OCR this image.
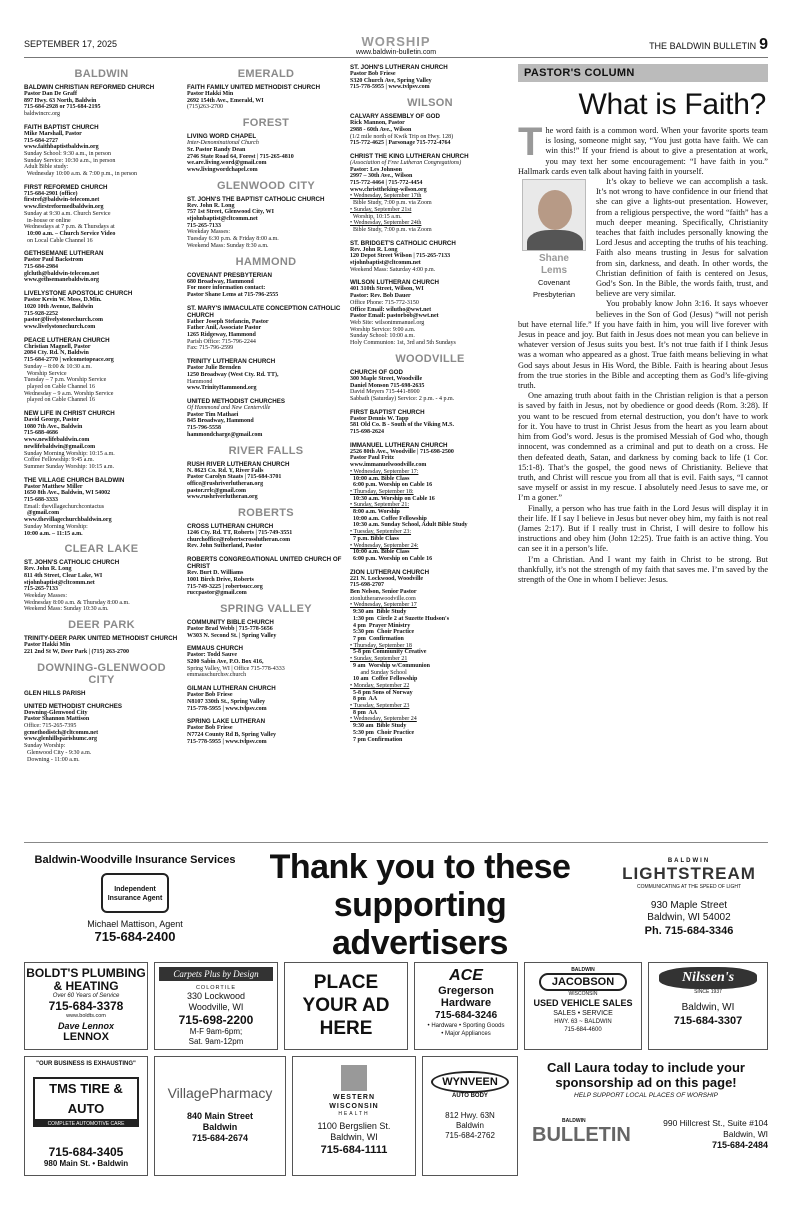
SEPTEMBER 17, 2025	WORSHIP
www.baldwin-bulletin.com
THE BALDWIN BULLETIN 9
BALDWIN
BALDWIN CHRISTIAN REFORMED CHURCH
Pastor Dan De Graff
897 Hwy. 63 North, Baldwin
715-684-2928 or 715-684-2195
baldwincrc.org
FAITH BAPTIST CHURCH
Mike Marshall, Pastor
715-684-2727
www.faithbaptistbaldwin.org
Sunday School: 9:30 a.m., in person
Sunday Service: 10:30 a.m., in person
Adult Bible study:
Wednesday 10:00 a.m. & 7:00 p.m., in person
FIRST REFORMED CHURCH
715-684-2901 (office)
firstref@baldwin-telecom.net
www.firstreformedbaldwin.org
Sunday at 9:30 a.m. Church Service
in-house or online
Wednesdays at 7 p.m. & Thursdays at
10:00 a.m. – Church Service Video
on Local Cable Channel 16
GETHSEMANE LUTHERAN
Pastor Paul Backstrom
715-684-2984
glcluth@baldwin-telecom.net
www.gethsemanebaldwin.org
LIVELYSTONE APOSTOLIC CHURCH
Pastor Kevin W. Moss, D.Min.
1020 10th Avenue, Baldwin
715-928-2252
pastor@livelystonechurch.com
www.livelystonechurch.com
PEACE LUTHERAN CHURCH
Christian Magnell, Pastor
2084 Cty. Rd. N, Baldwin
715-684-2770 | welcometopeace.org
Sunday – 8:00 & 10:30 a.m.
Worship Service
Tuesday – 7 p.m. Worship Service
played on Cable Channel 16
Wednesday – 9 a.m. Worship Service
played on Cable Channel 16
NEW LIFE IN CHRIST CHURCH
David George, Pastor
1080 7th Ave., Baldwin
715-688-4686
www.newlifebaldwin.com
newlifebaldwin@gmail.com
Sunday Morning Worship: 10:15 a.m.
Coffee Fellowship: 9:45 a.m.
Summer Sunday Worship: 10:15 a.m.
THE VILLAGE CHURCH BALDWIN
Pastor Matthew Miller
1650 8th Ave., Baldwin, WI 54002
715-688-3333
Email: thevillagechurchcontactus
@gmail.com
www.thevillagechurchbaldwin.org
Sunday Morning Worship:
10:00 a.m. – 11:15 a.m.
CLEAR LAKE
ST. JOHN'S CATHOLIC CHURCH
Rev. John R. Long
811 4th Street, Clear Lake, WI
stjohnbaptist@cltcomm.net
715-265-7133
Weekday Masses:
Wednesday 8:00 a.m. & Thursday 8:00 a.m.
Weekend Mass: Sunday 10:30 a.m.
DEER PARK
TRINITY-DEER PARK UNITED METHODIST CHURCH
Pastor Hakki Min
221 2nd St W, Deer Park | (715) 263-2700
DOWNING-GLENWOOD CITY
GLEN HILLS PARISH
UNITED METHODIST CHURCHES
Downing-Glenwood City
Pastor Shannon Mattison
Office: 715-265-7395
gcmethodistch@cltcomm.net
www.glenhillsparishumc.org
Sunday Worship:
Glenwood City - 9:30 a.m.
Downing - 11:00 a.m.
EMERALD
FAITH FAMILY UNITED METHODIST CHURCH
Pastor Hakki Min
2692 154th Ave., Emerald, WI
(715)263-2700
FOREST
LIVING WORD CHAPEL
Inter-Denominational Church
Sr. Pastor Randy Dean
2746 State Road 64, Forest | 715-265-4810
we.are.living.word@gmail.com
www.livingwordchapel.com
GLENWOOD CITY
ST. JOHN'S THE BAPTIST CATHOLIC CHURCH
Rev. John R. Long
757 1st Street, Glenwood City, WI
stjohnbaptist@cltcomm.net
715-265-7133
Weekday Masses:
Tuesday 6:30 p.m. & Friday 8:00 a.m.
Weekend Mass: Sunday 8:30 a.m.
HAMMOND
COVENANT PRESBYTERIAN
680 Broadway, Hammond
For more information contact:
Pastor Shane Lems at 715-796-2555
ST. MARY'S IMMACULATE CONCEPTION CATHOLIC CHURCH
Father Joseph Stefancin, Pastor
Father Anil, Associate Pastor
1265 Ridgeway, Hammond
Parish Office: 715-796-2244
Fax: 715-796-2599
TRINITY LUTHERAN CHURCH
Pastor Julie Brenden
1250 Broadway (West Cty. Rd. TT),
Hammond
www.TrinityHammond.org
UNITED METHODIST CHURCHES
Of Hammond and New Centerville
Pastor Tim Mathaei
845 Broadway, Hammond
715-796-5558
hammondcharge@gmail.com
RIVER FALLS
RUSH RIVER LUTHERAN CHURCH
N. 8623 Co. Rd. Y, River Falls
Pastor Carolyn Staats | 715-684-3701
office@rushriverlutheran.org
pastor.rrlc@gmail.com
www.rushriverlutheran.org
ROBERTS
CROSS LUTHERAN CHURCH
1246 Cty. Rd. TT, Roberts | 715-749-3551
churchoffice@robertscrosslutheran.com
Rev. John Sutherland, Pastor
ROBERTS CONGREGATIONAL UNITED CHURCH OF CHRIST
Rev. Burt D. Williams
1001 Birch Drive, Roberts
715-749-3225 | robertsucc.org
ruccpastor@gmail.com
SPRING VALLEY
COMMUNITY BIBLE CHURCH
Pastor Brad Webb | 715-778-5656
W303 N. Second St. | Spring Valley
EMMAUS CHURCH
Pastor: Todd Sauve
S200 Sabin Ave, P.O. Box 416,
Spring Valley, WI | Office 715-778-4333
emmauschurchsv.church
GILMAN LUTHERAN CHURCH
Pastor Bob Friese
N8107 330th St., Spring Valley
715-778-5955 | www.tvlpsv.com
SPRING LAKE LUTHERAN
Pastor Bob Friese
N7724 County Rd B, Spring Valley
715-778-5955 | www.tvlpsv.com
ST. JOHN'S LUTHERAN CHURCH
Pastor Bob Friese
S320 Church Ave, Spring Valley
715-778-5955 | www.tvlpsv.com
WILSON
CALVARY ASSEMBLY OF GOD
Rick Mannon, Pastor
2988 - 60th Ave., Wilson
(1/2 mile north of Kwik Trip on Hwy. 128)
715-772-4625 | Parsonage 715-772-4764
CHRIST THE KING LUTHERAN CHURCH
(Association of Free Lutheran Congregations)
Pastor: Les Johnson
2997 – 30th Ave., Wilson
715-772-4464 | 715-772-4454
www.christtheking-wilson.org
• Wednesday, September 17th
Bible Study, 7:00 p.m. via Zoom
• Sunday, September 21st
Worship, 10:15 a.m.
• Wednesday, September 24th
Bible Study, 7:00 p.m. via Zoom
ST. BRIDGET'S CATHOLIC CHURCH
Rev. John R. Long
120 Depot Street Wilson | 715-265-7133
stjohnbaptist@cltcomm.net
Weekend Mass: Saturday 4:00 p.m.
WILSON LUTHERAN CHURCH
401 310th Street, Wilson, WI
Pastor: Rev. Bob Dauer
Office Phone: 715-772-3150
Office Email: wilutho@wwt.net
Pastor Email: pastorbob@wwt.net
Web Site: wilsonimmanuel.org
Worship Service: 9:00 a.m.
Sunday School: 10:00 a.m.
Holy Communion: 1st, 3rd and 5th Sundays
WOODVILLE
CHURCH OF GOD
300 Maple Street, Woodville
Daniel Monson 715-698-2635
David Meyers 715-441-8900
Sabbath (Saturday) Service: 2 p.m. - 4 p.m.
FIRST BAPTIST CHURCH
Pastor Dennis W. Tapp
581 Old Co. B - South of the Viking M.S.
715-698-2624
IMMANUEL LUTHERAN CHURCH
2526 80th Ave., Woodville | 715-698-2500
Pastor Paul Fritz
www.immanuelwoodville.com
• Wednesday, September 17:
10:00 a.m. Bible Class
6:00 p.m. Worship on Cable 16
• Thursday, September 18:
10:30 a.m. Worship on Cable 16
• Sunday, September 21:
8:00 a.m. Worship
10:00 a.m. Coffee Fellowship
10:30 a.m. Sunday School, Adult Bible Study
• Tuesday, September 23:
7 p.m. Bible Class
• Wednesday, September 24:
10:00 a.m. Bible Class
6:00 p.m. Worship on Cable 16
ZION LUTHERAN CHURCH
221 N. Lockwood, Woodville
715-698-2707
Ben Nelson, Senior Pastor
zionlutheranwoodville.com
• Wednesday, September 17
9:30 am  Bible Study
1:30 pm  Circle 2 at Suzette Hudson's
4 pm  Prayer Ministry
5:30 pm  Choir Practice
7 pm  Confirmation
• Thursday, September 18
5-8 pm Community Creative
• Sunday, September 21
9 am  Worship w/Communion
and Sunday School
10 am  Coffee Fellowship
• Monday, September 22
5-8 pm Sons of Norway
8 pm  AA
• Tuesday, September 23
8 pm  AA
• Wednesday, September 24
9:30 am  Bible Study
5:30 pm  Choir Practice
7 pm Confirmation
PASTOR'S COLUMN
What is Faith?
T he word faith is a common word. When your favorite sports team is losing, someone might say, “You just gotta have faith. We can win this!” If your friend is about to give a presentation at work, you may text her some encouragement: “I have faith in you.” Hallmark cards even talk about having faith in yourself.

Shane
Lems
Covenant
Presbyterian

It’s okay to believe we can accomplish a task. It’s not wrong to have confidence in our friend that she can give a lights-out presentation. However, from a religious perspective, the word “faith” has a much deeper meaning. Specifically, Christianity teaches that faith includes personally knowing the Lord Jesus and accepting the truths of his teaching. Faith also means trusting in Jesus for salvation from sin, darkness, and death. In other words, the Christian definition of faith is centered on Jesus, God’s Son. In the Bible, the words faith, trust, and believe are very similar.

You probably know John 3:16. It says whoever believes in the Son of God (Jesus) “will not perish but have eternal life.” If you have faith in him, you will live forever with Jesus in peace and joy. But faith in Jesus does not mean you can believe in whatever version of Jesus suits you best. It’s not true faith if I think Jesus was a woman who appeared as a ghost. True faith means believing in what God says about Jesus in His Word, the Bible. Faith is hearing about Jesus from the true stories in the Bible and accepting them as God’s life-giving truth.

One amazing truth about faith in the Christian religion is that a person is saved by faith in Jesus, not by obedience or good deeds (Rom. 3:28). If you want to be rescued from eternal destruction, you don’t have to work for it. You have to trust in Christ Jesus from the heart as you learn about him from God’s word. Jesus is the promised Messiah of God who, though innocent, was condemned as a criminal and put to death on a cross. He then defeated death, Satan, and darkness by coming back to life (1 Cor. 15:1-8). That’s the gospel, the good news of Christianity. Believe that truth, and Christ will rescue you from all that is evil. Faith says, “I cannot save myself or assist in my rescue. I absolutely need Jesus to save me, or I’m a goner.”

Finally, a person who has true faith in the Lord Jesus will display it in their life. If I say I believe in Jesus but never obey him, my faith is not real (James 2:17). But if I really trust in Christ, I will desire to follow his instructions and obey him (John 12:25). True faith is an active thing. You can see it in a person’s life.

I’m a Christian. And I want my faith in Christ to be strong. But thankfully, it’s not the strength of my faith that saves me. I’m saved by the strength of the One in whom I believe: Jesus.

Baldwin-Woodville Insurance Services
Independent Insurance Agent
Michael Mattison, Agent
715-684-2400
Thank you to these supporting advertisers
BALDWIN
LIGHTSTREAM
COMMUNICATING AT THE SPEED OF LIGHT
930 Maple Street
Baldwin, WI 54002
Ph. 715-684-3346
BOLDT'S PLUMBING & HEATING
Over 60 Years of Service
715-684-3378
www.boldts.com
Dave Lennox
LENNOX
Carpets Plus by Design
COLORTILE
330 Lockwood
Woodville, WI
715-698-2200
M-F 9am-6pm;
Sat. 9am-12pm
PLACE YOUR AD HERE
ACE
Gregerson
Hardware
715-684-3246
• Hardware • Sporting Goods
• Major Appliances
BALDWIN
JACOBSON
WISCONSIN
USED VEHICLE SALES
SALES • SERVICE
HWY. 63 ~ BALDWIN
715-684-4600
Nilssen's
SINCE 1937
Baldwin, WI
715-684-3307
"OUR BUSINESS IS EXHAUSTING"
TMS TIRE & AUTO
COMPLETE AUTOMOTIVE CARE
715-684-3405
980 Main St. • Baldwin
VillagePharmacy
840 Main Street
Baldwin
715-684-2674
WESTERN
WISCONSIN
HEALTH
1100 Bergslien St.
Baldwin, WI
715-684-1111
WYNVEEN
AUTO BODY
812 Hwy. 63N
Baldwin
715-684-2762
Call Laura today to include your sponsorship ad on this page!
HELP SUPPORT LOCAL PLACES OF WORSHIP
BALDWIN
BULLETIN
990 Hillcrest St., Suite #104
Baldwin, WI
715-684-2484
